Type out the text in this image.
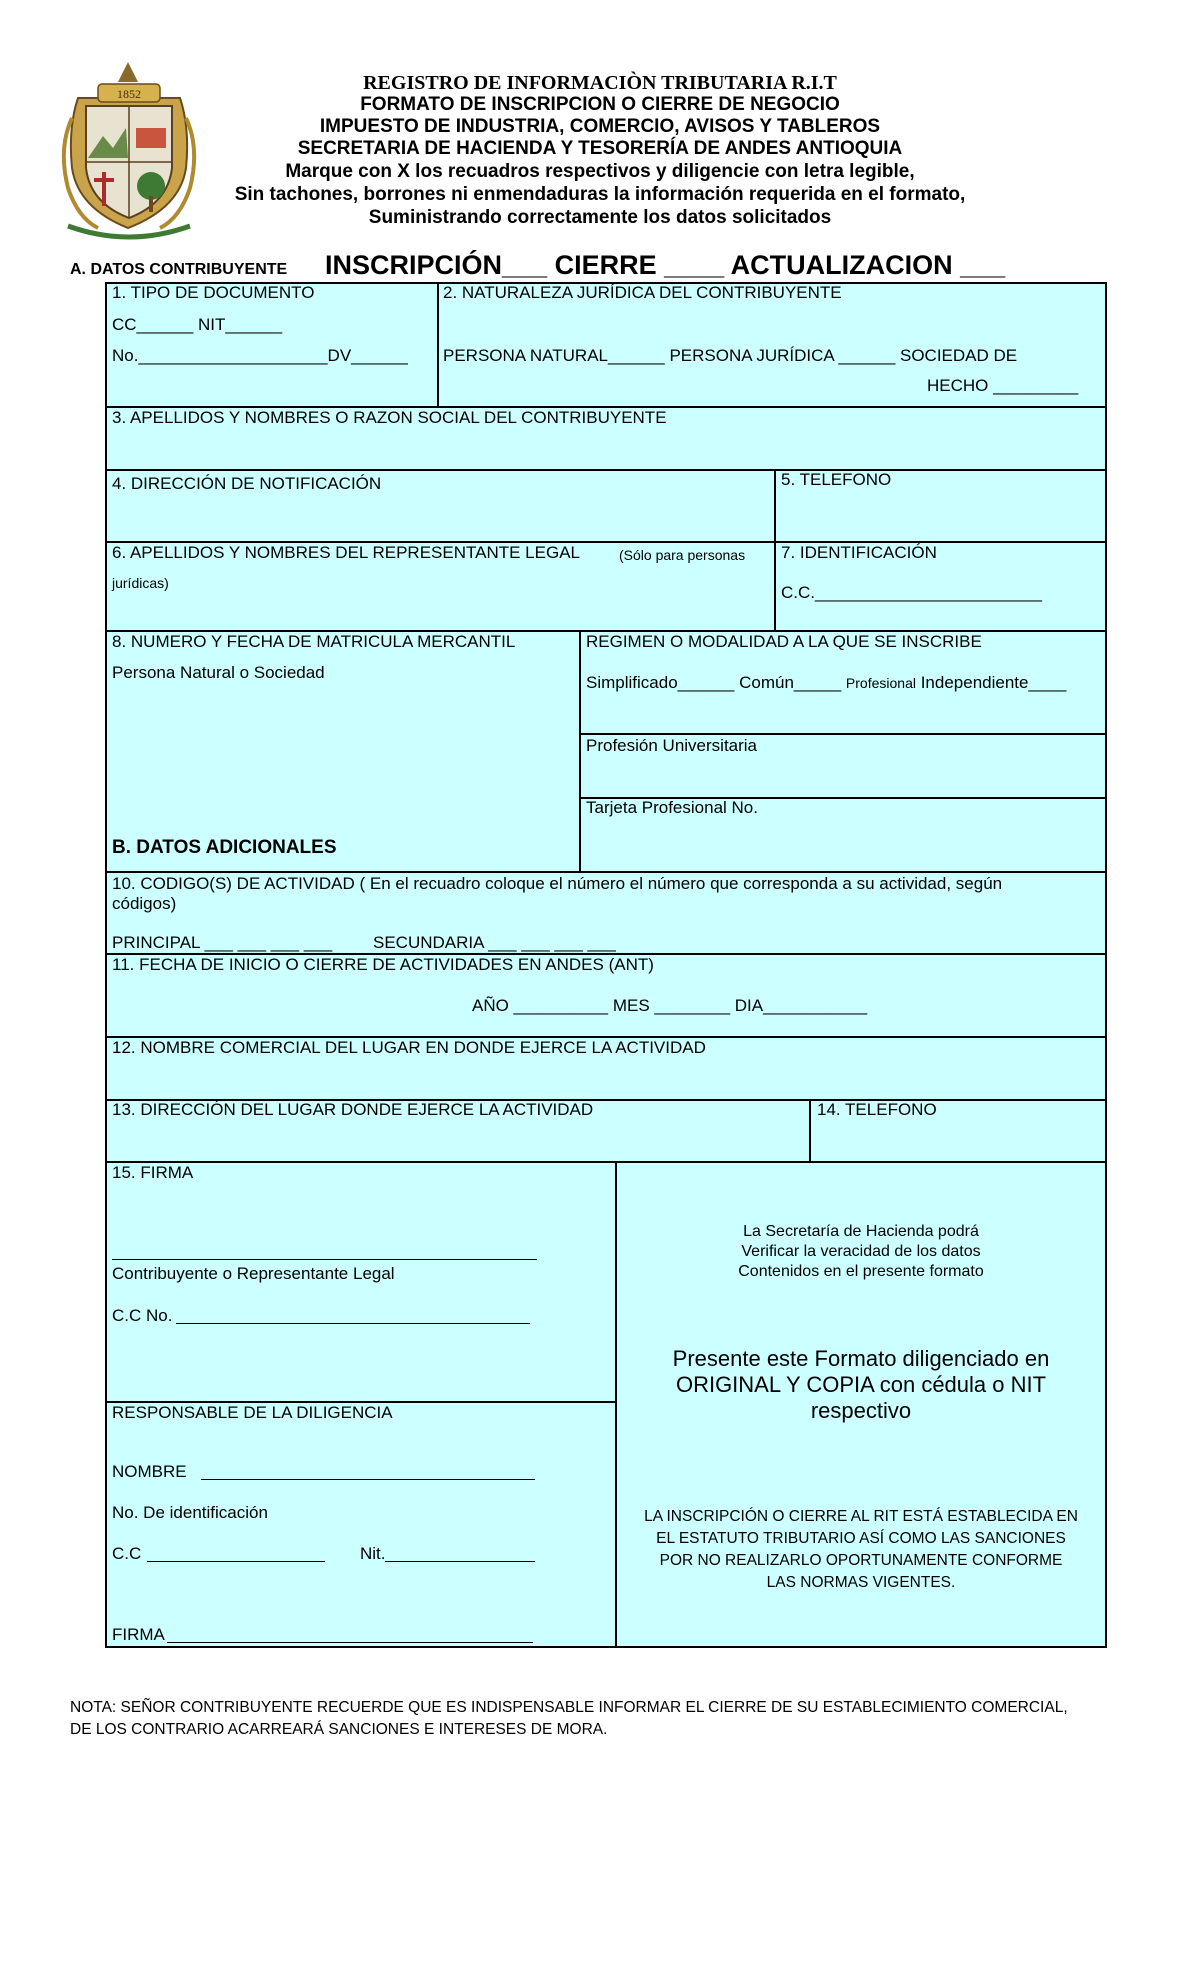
1852	REGISTRO DE INFORMACIÒN TRIBUTARIA R.I.T
FORMATO DE INSCRIPCION O CIERRE DE NEGOCIO
IMPUESTO DE INDUSTRIA, COMERCIO, AVISOS Y TABLEROS
SECRETARIA DE HACIENDA Y TESORERÍA DE ANDES ANTIOQUIA
Marque con X los recuadros respectivos y diligencie con letra legible,
Sin tachones, borrones ni enmendaduras la información requerida en el formato,
Suministrando correctamente los datos solicitados
A. DATOS CONTRIBUYENTE INSCRIPCIÓN___ CIERRE ____ ACTUALIZACION ___
1. TIPO DE DOCUMENTO
CC______ NIT______
No.____________________DV______
2. NATURALEZA JURÍDICA DEL CONTRIBUYENTE
PERSONA NATURAL______ PERSONA JURÍDICA ______ SOCIEDAD DE
HECHO _________
3. APELLIDOS Y NOMBRES O RAZON SOCIAL DEL CONTRIBUYENTE
4. DIRECCIÓN DE NOTIFICACIÓN	5. TELEFONO
6. APELLIDOS Y NOMBRES DEL REPRESENTANTE LEGAL	(Sólo para personas
jurídicas)
7. IDENTIFICACIÓN
C.C.________________________
8. NUMERO Y FECHA DE MATRICULA MERCANTIL
Persona Natural o Sociedad
REGIMEN O MODALIDAD A LA QUE SE INSCRIBE
Simplificado______ Común_____ Profesional Independiente____
Profesión Universitaria
Tarjeta Profesional No.
B. DATOS ADICIONALES
10. CODIGO(S) DE ACTIVIDAD ( En el recuadro coloque el número el número que corresponda a su actividad, según
códigos)
PRINCIPAL ___ ___ ___ ___ SECUNDARIA ___ ___ ___ ___
11. FECHA DE INICIO O CIERRE DE ACTIVIDADES EN ANDES (ANT)
AÑO __________ MES ________ DIA___________
12. NOMBRE COMERCIAL DEL LUGAR EN DONDE EJERCE LA ACTIVIDAD
13. DIRECCIÓN DEL LUGAR DONDE EJERCE LA ACTIVIDAD	14. TELEFONO
15. FIRMA
Contribuyente o Representante Legal
C.C No.
RESPONSABLE DE LA DILIGENCIA
NOMBRE
No. De identificación
C.C	Nit.
FIRMA
La Secretaría de Hacienda podrá
Verificar la veracidad de los datos
Contenidos en el presente formato
Presente este Formato diligenciado en
ORIGINAL Y COPIA con cédula o NIT
respectivo
LA INSCRIPCIÓN O CIERRE AL RIT ESTÁ ESTABLECIDA EN
EL ESTATUTO TRIBUTARIO ASÍ COMO LAS SANCIONES
POR NO REALIZARLO OPORTUNAMENTE CONFORME
LAS NORMAS VIGENTES.
NOTA: SEÑOR CONTRIBUYENTE RECUERDE QUE ES INDISPENSABLE INFORMAR EL CIERRE DE SU ESTABLECIMIENTO COMERCIAL,
DE LOS CONTRARIO ACARREARÁ SANCIONES E INTERESES DE MORA.
